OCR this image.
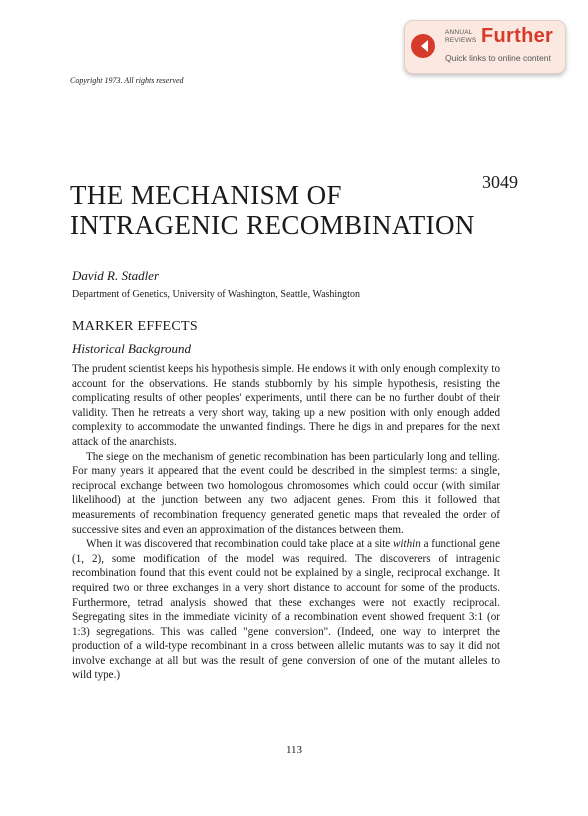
ANNUAL
REVIEWS Further
Quick links to online content
Copyright 1973. All rights reserved
3049
THE MECHANISM OF
INTRAGENIC RECOMBINATION
David R. Stadler
Department of Genetics, University of Washington, Seattle, Washington
MARKER EFFECTS
Historical Background

The prudent scientist keeps his hypothesis simple. He endows it with only enough complexity to account for the observations. He stands stubbornly by his simple hypothesis, resisting the complicating results of other peoples' experiments, until there can be no further doubt of their validity. Then he retreats a very short way, taking up a new position with only enough added complexity to accommodate the unwanted findings. There he digs in and prepares for the next attack of the anarchists.

The siege on the mechanism of genetic recombination has been particularly long and telling. For many years it appeared that the event could be described in the simplest terms: a single, reciprocal exchange between two homologous chromosomes which could occur (with similar likelihood) at the junction between any two adjacent genes. From this it followed that measurements of recombination frequency generated genetic maps that revealed the order of successive sites and even an approximation of the distances between them.

When it was discovered that recombination could take place at a site within a functional gene (1, 2), some modification of the model was required. The discoverers of intragenic recombination found that this event could not be explained by a single, reciprocal exchange. It required two or three exchanges in a very short distance to account for some of the products. Furthermore, tetrad analysis showed that these exchanges were not exactly reciprocal. Segregating sites in the immediate vicinity of a recombination event showed frequent 3:1 (or 1:3) segregations. This was called "gene conversion". (Indeed, one way to interpret the production of a wild-type recombinant in a cross between allelic mutants was to say it did not involve exchange at all but was the result of gene conversion of one of the mutant alleles to wild type.)

113
